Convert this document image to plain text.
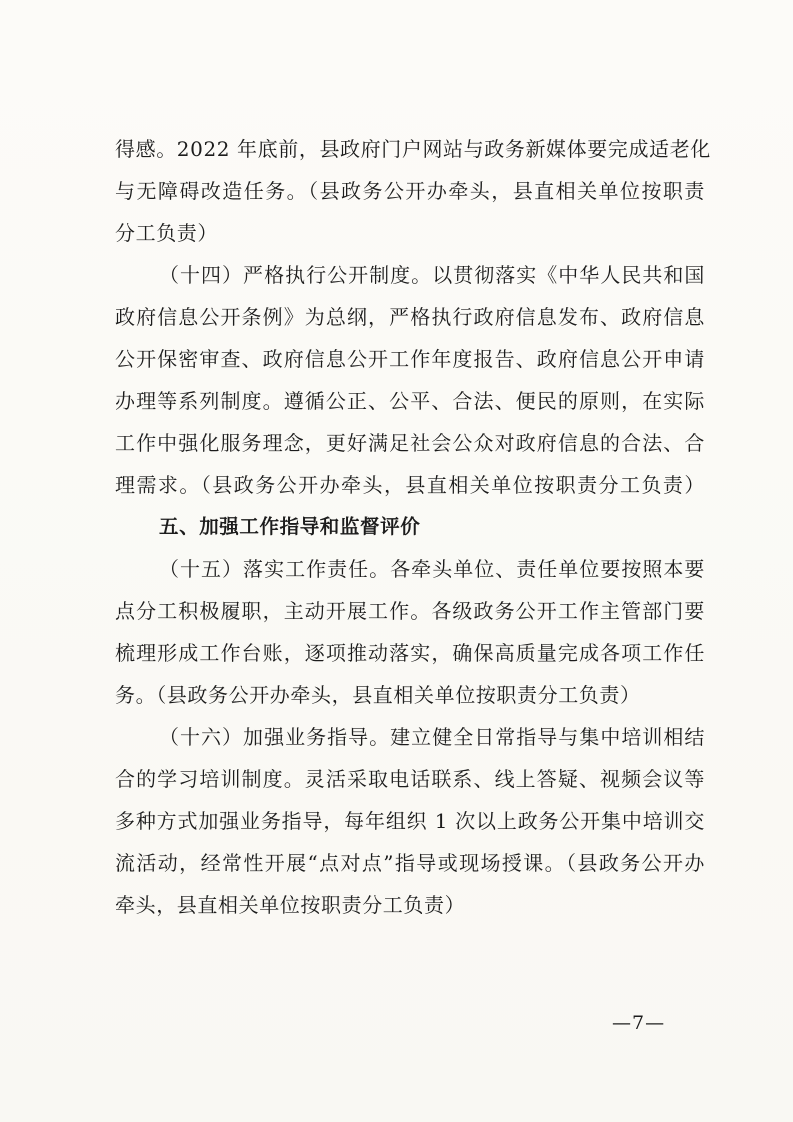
得感。2022 年底前，县政府门户网站与政务新媒体要完成适老化
与无障碍改造任务。（县政务公开办牵头，县直相关单位按职责
分工负责）
（十四）严格执行公开制度。以贯彻落实《中华人民共和国
政府信息公开条例》为总纲，严格执行政府信息发布、政府信息
公开保密审查、政府信息公开工作年度报告、政府信息公开申请
办理等系列制度。遵循公正、公平、合法、便民的原则，在实际
工作中强化服务理念，更好满足社会公众对政府信息的合法、合
理需求。（县政务公开办牵头，县直相关单位按职责分工负责）
五、加强工作指导和监督评价
（十五）落实工作责任。各牵头单位、责任单位要按照本要
点分工积极履职，主动开展工作。各级政务公开工作主管部门要
梳理形成工作台账，逐项推动落实，确保高质量完成各项工作任
务。（县政务公开办牵头，县直相关单位按职责分工负责）
（十六）加强业务指导。建立健全日常指导与集中培训相结
合的学习培训制度。灵活采取电话联系、线上答疑、视频会议等
多种方式加强业务指导，每年组织 1 次以上政务公开集中培训交
流活动，经常性开展“点对点”指导或现场授课。（县政务公开办
牵头，县直相关单位按职责分工负责）
—7—
